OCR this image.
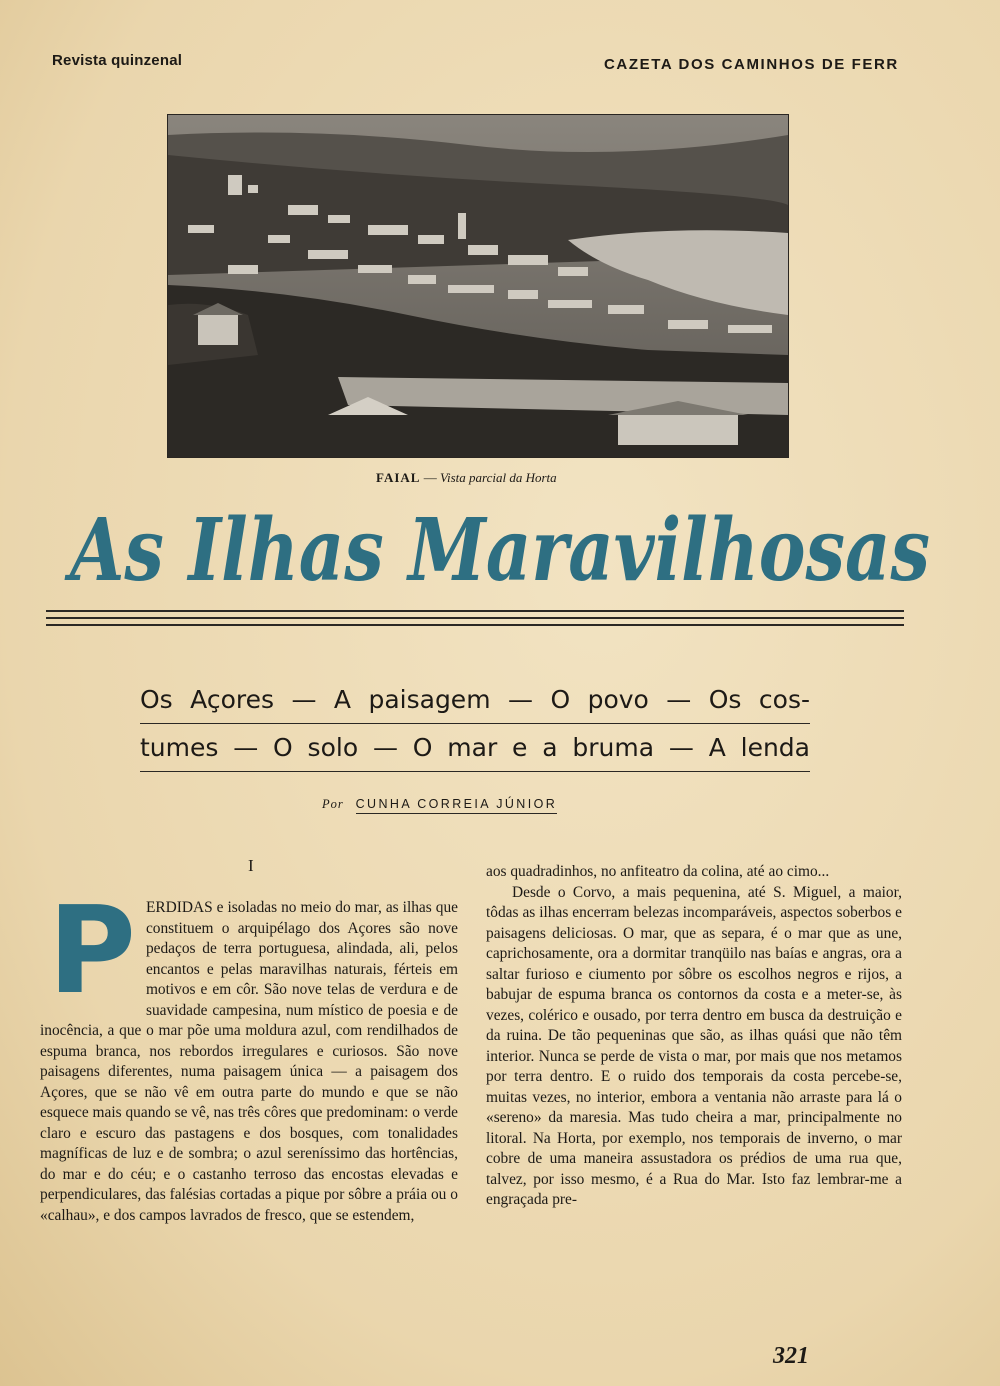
Revista quinzenal	CAZETA DOS CAMINHOS DE FERR
FAIAL — Vista parcial da Horta
As Ilhas Maravilhosas
Os Açores — A paisagem — O povo — Os cos-
tumes — O solo — O mar e a bruma — A lenda
Por CUNHA CORREIA JÚNIOR
I
P ERDIDAS e isoladas no meio do mar, as ilhas que constituem o arquipélago dos Açores são nove pedaços de terra portuguesa, alindada, ali, pelos encantos e pelas maravilhas naturais, férteis em motivos e em côr. São nove telas de verdura e de suavidade campesina, num místico de poesia e de inocência, a que o mar põe uma moldura azul, com rendilhados de espuma branca, nos rebordos irregulares e curiosos. São nove paisagens diferentes, numa paisagem única — a paisagem dos Açores, que se não vê em outra parte do mundo e que se não esquece mais quando se vê, nas três côres que predominam: o verde claro e escuro das pastagens e dos bosques, com tonalidades magníficas de luz e de sombra; o azul sereníssimo das hortências, do mar e do céu; e o castanho terroso das encostas elevadas e perpendiculares, das falésias cortadas a pique por sôbre a práia ou o «calhau», e dos campos lavrados de fresco, que se estendem,

aos quadradinhos, no anfiteatro da colina, até ao cimo...

Desde o Corvo, a mais pequenina, até S. Miguel, a maior, tôdas as ilhas encerram belezas incomparáveis, aspectos soberbos e paisagens deliciosas. O mar, que as separa, é o mar que as une, caprichosamente, ora a dormitar tranqüilo nas baías e angras, ora a saltar furioso e ciumento por sôbre os escolhos negros e rijos, a babujar de espuma branca os contornos da costa e a meter-se, às vezes, colérico e ousado, por terra dentro em busca da destruição e da ruina. De tão pequeninas que são, as ilhas quási que não têm interior. Nunca se perde de vista o mar, por mais que nos metamos por terra dentro. E o ruido dos temporais da costa percebe-se, muitas vezes, no interior, embora a ventania não arraste para lá o «sereno» da maresia. Mas tudo cheira a mar, principalmente no litoral. Na Horta, por exemplo, nos temporais de inverno, o mar cobre de uma maneira assustadora os prédios de uma rua que, talvez, por isso mesmo, é a Rua do Mar. Isto faz lembrar-me a engraçada pre-

321
